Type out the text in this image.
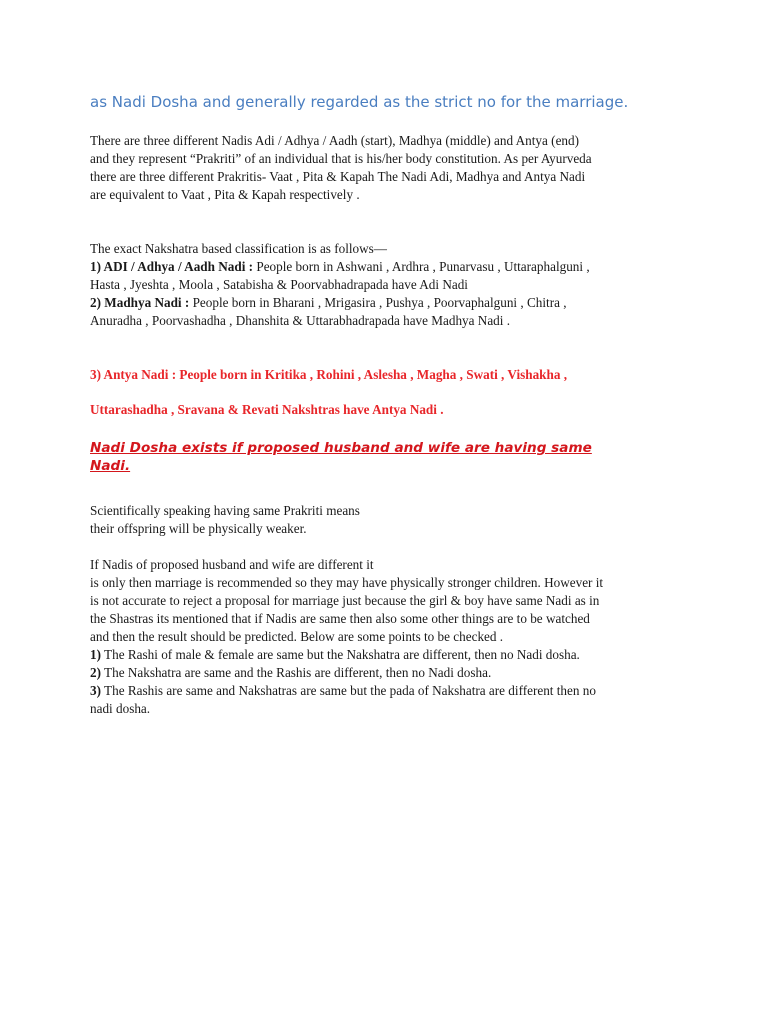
as Nadi Dosha and generally regarded as the strict no for the marriage.

There are three different Nadis Adi / Adhya / Aadh (start), Madhya (middle) and Antya (end)
and they represent “Prakriti” of an individual that is his/her body constitution. As per Ayurveda
there are three different Prakritis- Vaat , Pita & Kapah The Nadi Adi, Madhya and Antya Nadi
are equivalent to Vaat , Pita & Kapah respectively .

The exact Nakshatra based classification is as follows—
1) ADI / Adhya / Aadh Nadi : People born in Ashwani , Ardhra , Punarvasu , Uttaraphalguni ,
Hasta , Jyeshta , Moola , Satabisha & Poorvabhadrapada have Adi Nadi
2) Madhya Nadi : People born in Bharani , Mrigasira , Pushya , Poorvaphalguni , Chitra ,
Anuradha , Poorvashadha , Dhanshita & Uttarabhadrapada have Madhya Nadi .

3) Antya Nadi : People born in Kritika , Rohini , Aslesha , Magha , Swati , Vishakha ,

Uttarashadha , Sravana & Revati Nakshtras have Antya Nadi .

Nadi Dosha exists if proposed husband and wife are having same
Nadi.

Scientifically speaking having same Prakriti means
their offspring will be physically weaker.

If Nadis of proposed husband and wife are different it
is only then marriage is recommended so they may have physically stronger children. However it
is not accurate to reject a proposal for marriage just because the girl & boy have same Nadi as in
the Shastras its mentioned that if Nadis are same then also some other things are to be watched
and then the result should be predicted. Below are some points to be checked .
1) The Rashi of male & female are same but the Nakshatra are different, then no Nadi dosha.
2) The Nakshatra are same and the Rashis are different, then no Nadi dosha.
3) The Rashis are same and Nakshatras are same but the pada of Nakshatra are different then no
nadi dosha.
